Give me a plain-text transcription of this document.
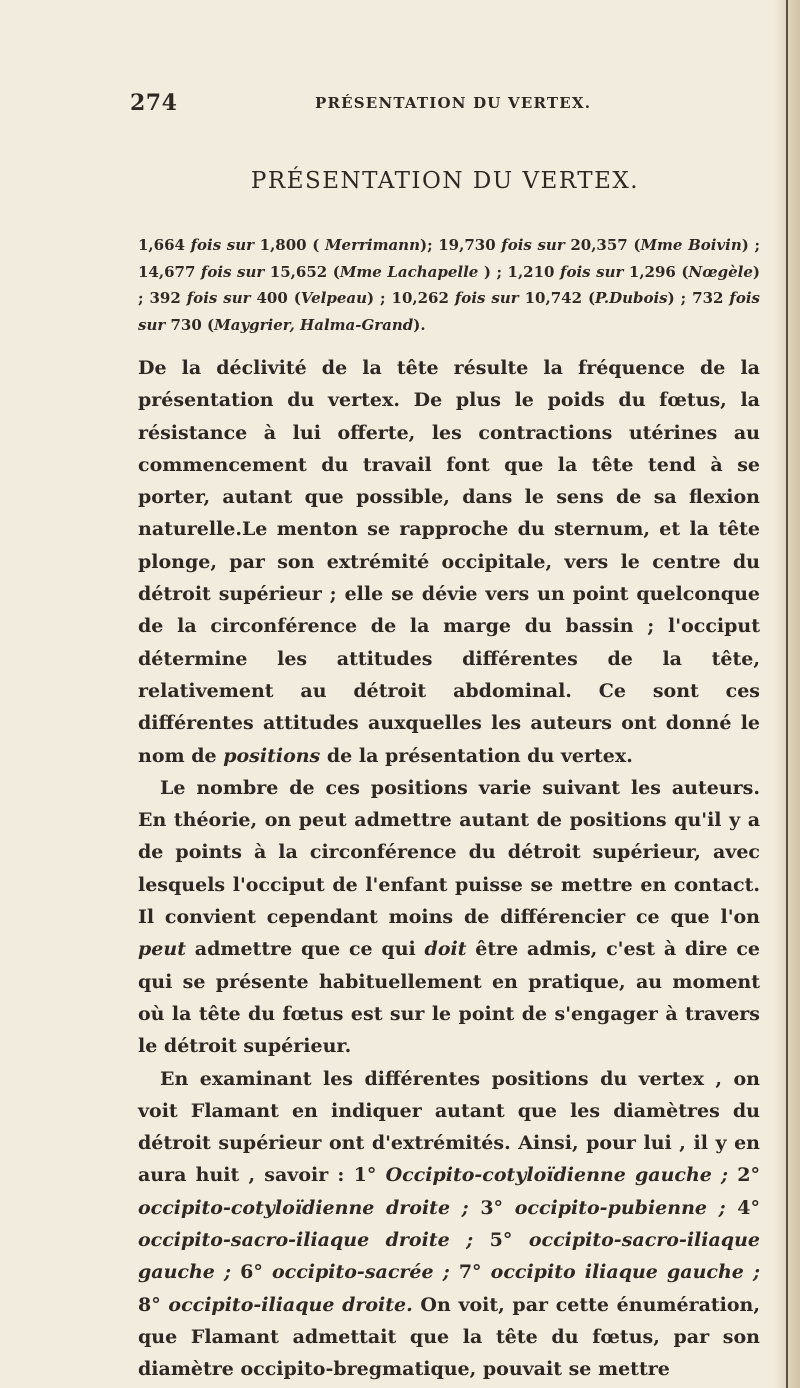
274	PRÉSENTATION DU VERTEX.
PRÉSENTATION DU VERTEX.
1,664 fois sur 1,800 ( Merrimann); 19,730 fois sur 20,357 (Mme Boivin) ; 14,677 fois sur 15,652 (Mme Lachapelle ) ; 1,210 fois sur 1,296 (Nœgèle) ; 392 fois sur 400 (Velpeau) ; 10,262 fois sur 10,742 (P.Dubois) ; 732 fois sur 730 (Maygrier, Halma-Grand).

De la déclivité de la tête résulte la fréquence de la présentation du vertex. De plus le poids du fœtus, la résistance à lui offerte, les contractions utérines au commencement du travail font que la tête tend à se porter, autant que possible, dans le sens de sa flexion naturelle.Le menton se rapproche du sternum, et la tête plonge, par son extrémité occipitale, vers le centre du détroit supérieur ; elle se dévie vers un point quelconque de la circonférence de la marge du bassin ; l'occiput détermine les attitudes différentes de la tête, relativement au détroit abdominal. Ce sont ces différentes attitudes auxquelles les auteurs ont donné le nom de positions de la présentation du vertex.

Le nombre de ces positions varie suivant les auteurs. En théorie, on peut admettre autant de positions qu'il y a de points à la circonférence du détroit supérieur, avec lesquels l'occiput de l'enfant puisse se mettre en contact. Il convient cependant moins de différencier ce que l'on peut admettre que ce qui doit être admis, c'est à dire ce qui se présente habituellement en pratique, au moment où la tête du fœtus est sur le point de s'engager à travers le détroit supérieur.

En examinant les différentes positions du vertex , on voit Flamant en indiquer autant que les diamètres du détroit supérieur ont d'extrémités. Ainsi, pour lui , il y en aura huit , savoir : 1° Occipito-cotyloïdienne gauche ; 2° occipito-cotyloïdienne droite ; 3° occipito-pubienne ; 4° occipito-sacro-iliaque droite ; 5° occipito-sacro-iliaque gauche ; 6° occipito-sacrée ; 7° occipito iliaque gauche ; 8° occipito-iliaque droite. On voit, par cette énumération, que Flamant admettait que la tête du fœtus, par son diamètre occipito-bregmatique, pouvait se mettre
